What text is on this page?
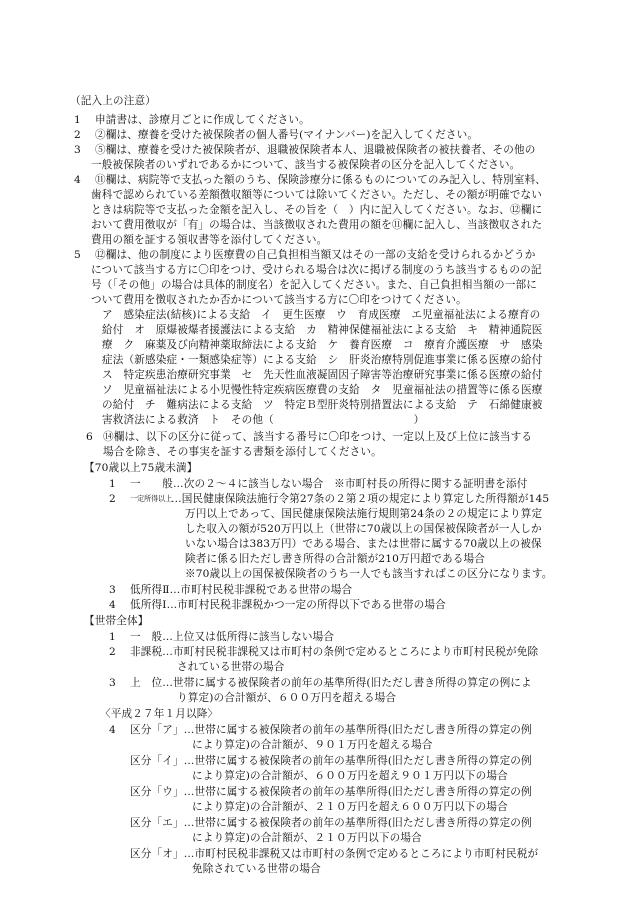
（記入上の注意）
1 申請書は、診療月ごとに作成してください。
2 ②欄は、療養を受けた被保険者の個人番号(マイナンバー)を記入してください。
3 ⑤欄は、療養を受けた被保険者が、退職被保険者本人、退職被保険者の被扶養者、その他の
一般被保険者のいずれであるかについて、該当する被保険者の区分を記入してください。
4 ⑪欄は、病院等で支払った額のうち、保険診療分に係るものについてのみ記入し、特別室料、
歯科で認められている差額徴収額等については除いてください。ただし、その額が明確でない
ときは病院等で支払った金額を記入し、その旨を（　）内に記入してください。なお、⑫欄に
おいて費用徴収が「有」の場合は、当該徴収された費用の額を⑪欄に記入し、当該徴収された
費用の額を証する領収書等を添付してください。
5 ⑫欄は、他の制度により医療費の自己負担相当額又はその一部の支給を受けられるかどうか
について該当する方に〇印をつけ、受けられる場合は次に掲げる制度のうち該当するものの記
号（「その他」の場合は具体的制度名）を記入してください。また、自己負担相当額の一部に
ついて費用を徴収されたか否かについて該当する方に〇印をつけてください。
ア　感染症法(結核)による支給　イ　更生医療　ウ　育成医療　エ児童福祉法による療育の
給付　オ　原爆被爆者援護法による支給　カ　精神保健福祉法による支給　キ　精神通院医
療　ク　麻薬及び向精神薬取締法による支給　ケ　養育医療　コ　療育介護医療　サ　感染
症法（新感染症・一類感染症等）による支給　シ　肝炎治療特別促進事業に係る医療の給付
ス　特定疾患治療研究事業　セ　先天性血液凝固因子障害等治療研究事業に係る医療の給付
ソ　児童福祉法による小児慢性特定疾病医療費の支給　タ　児童福祉法の措置等に係る医療
の給付　チ　難病法による支給　ツ　特定Ｂ型肝炎特別措置法による支給　テ　石綿健康被
害救済法による救済　ト　その他（　　　　　　　　　　　　　）
6 ⑭欄は、以下の区分に従って、該当する番号に〇印をつけ、一定以上及び上位に該当する
場合を除き、その事実を証する書類を添付してください。
【70歳以上75歳未満】
1 一　　般…次の２～４に該当しない場合　※市町村長の所得に関する証明書を添付
2 一定所得以上 …国民健康保険法施行令第27条の２第２項の規定により算定した所得額が145
万円以上であって、国民健康保険法施行規則第24条の２の規定により算定
した収入の額が520万円以上（世帯に70歳以上の国保被保険者が一人しか
いない場合は383万円）である場合、または世帯に属する70歳以上の被保
険者に係る旧ただし書き所得の合計額が210万円超である場合
※70歳以上の国保被保険者のうち一人でも該当すればこの区分になります。
3 低所得Ⅱ…市町村民税非課税である世帯の場合
4 低所得Ⅰ…市町村民税非課税かつ一定の所得以下である世帯の場合
【世帯全体】
1 一　般…上位又は低所得に該当しない場合
2 非課税…市町村民税非課税又は市町村の条例で定めるところにより市町村民税が免除
されている世帯の場合
3 上　位…世帯に属する被保険者の前年の基準所得(旧ただし書き所得の算定の例によ
り算定)の合計額が、６００万円を超える場合
〈平成２７年１月以降〉
4 区分「ア」…世帯に属する被保険者の前年の基準所得(旧ただし書き所得の算定の例
により算定)の合計額が、９０１万円を超える場合
区分「イ」…世帯に属する被保険者の前年の基準所得(旧ただし書き所得の算定の例
により算定)の合計額が、６００万円を超え９０１万円以下の場合
区分「ウ」…世帯に属する被保険者の前年の基準所得(旧ただし書き所得の算定の例
により算定)の合計額が、２１０万円を超え６００万円以下の場合
区分「エ」…世帯に属する被保険者の前年の基準所得(旧ただし書き所得の算定の例
により算定)の合計額が、２１０万円以下の場合
区分「オ」…市町村民税非課税又は市町村の条例で定めるところにより市町村民税が
免除されている世帯の場合
